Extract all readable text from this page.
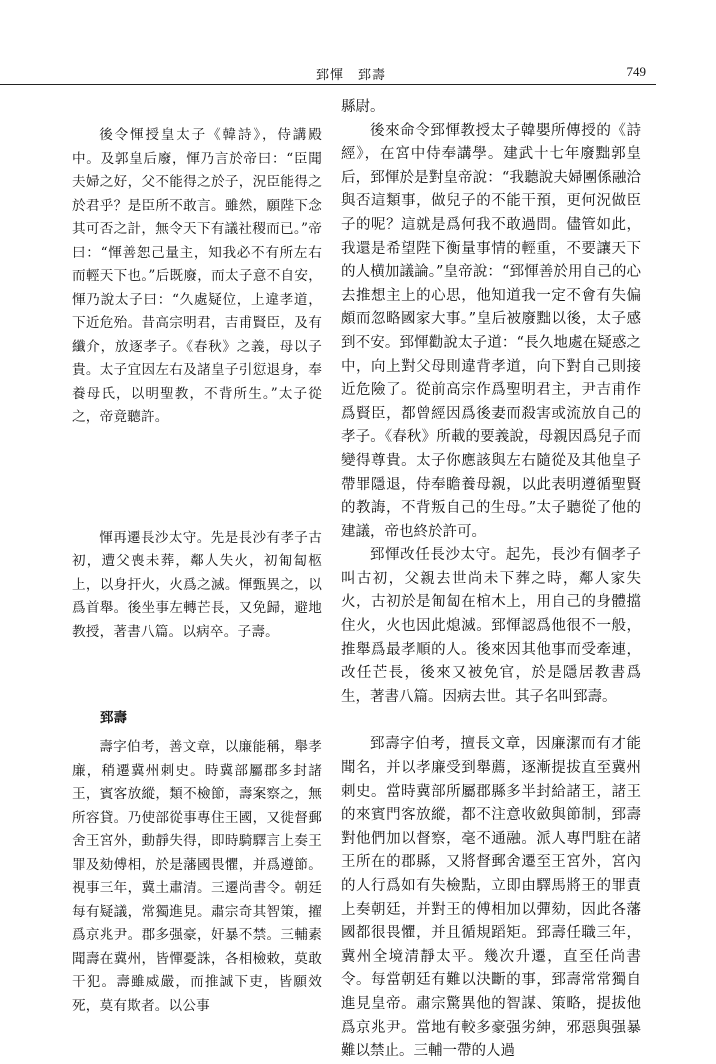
郅惲　郅壽	749

後令惲授皇太子《韓詩》，侍講殿中。及郭皇后廢，惲乃言於帝曰：“臣聞夫婦之好，父不能得之於子，況臣能得之於君乎？是臣所不敢言。雖然，願陛下念其可否之計，無令天下有議社稷而已。”帝曰：“惲善恕己量主，知我必不有所左右而輕天下也。”后既廢，而太子意不自安，惲乃說太子曰：“久處疑位，上違孝道，下近危殆。昔高宗明君，吉甫賢臣，及有纖介，放逐孝子。《春秋》之義，母以子貴。太子宜因左右及諸皇子引愆退身，奉養母氏，以明聖教，不背所生。”太子從之，帝竟聽許。

惲再遷長沙太守。先是長沙有孝子古初，遭父喪未葬，鄰人失火，初匍匐柩上，以身扞火，火爲之滅。惲甄異之，以爲首舉。後坐事左轉芒長，又免歸，避地教授，著書八篇。以病卒。子壽。

郅壽

壽字伯考，善文章，以廉能稱，舉孝廉，稍遷冀州刺史。時冀部屬郡多封諸王，賓客放縱，類不檢節，壽案察之，無所容貸。乃使部從事專住王國，又徙督郵舍王宮外，動靜失得，即時騎驛言上奏王罪及劾傅相，於是藩國畏懼，并爲遵節。視事三年，冀土肅清。三遷尚書令。朝廷每有疑議，常獨進見。肅宗奇其智策，擢爲京兆尹。郡多强豪，奸暴不禁。三輔素聞壽在冀州，皆憚憂誅，各相檢敕，莫敢干犯。壽雖威嚴，而推誠下吏，皆願效死，莫有欺者。以公事

縣尉。

後來命令郅惲教授太子韓嬰所傳授的《詩經》，在宮中侍奉講學。建武十七年廢黜郭皇后，郅惲於是對皇帝說：“我聽說夫婦團係融洽與否這類事，做兒子的不能干預，更何況做臣子的呢？這就是爲何我不敢過問。儘管如此，我還是希望陛下衡量事情的輕重，不要讓天下的人横加議論。”皇帝說：“郅惲善於用自己的心去推想主上的心思，他知道我一定不會有失偏頗而忽略國家大事。”皇后被廢黜以後，太子感到不安。郅惲勸說太子道：“長久地處在疑惑之中，向上對父母則違背孝道，向下對自己則接近危險了。從前高宗作爲聖明君主，尹吉甫作爲賢臣，都曾經因爲後妻而殺害或流放自己的孝子。《春秋》所載的要義說，母親因爲兒子而變得尊貴。太子你應該與左右隨從及其他皇子帶罪隱退，侍奉瞻養母親，以此表明遵循聖賢的教誨，不背叛自己的生母。”太子聽從了他的建議，帝也終於許可。

郅惲改任長沙太守。起先，長沙有個孝子叫古初，父親去世尚未下葬之時，鄰人家失火，古初於是匍匐在棺木上，用自己的身體擋住火，火也因此熄滅。郅惲認爲他很不一般，推舉爲最孝順的人。後來因其他事而受牽連，改任芒長，後來又被免官，於是隱居教書爲生，著書八篇。因病去世。其子名叫郅壽。

郅壽字伯考，擅長文章，因廉潔而有才能聞名，并以孝廉受到舉薦，逐漸提拔直至冀州刺史。當時冀部所屬郡縣多半封給諸王，諸王的來賓門客放縱，都不注意收斂與節制，郅壽對他們加以督察，毫不通融。派人專門駐在諸王所在的郡縣，又將督郵舍遷至王宮外，宮內的人行爲如有失檢點，立即由驛馬將王的罪責上奏朝廷，并對王的傅相加以彈劾，因此各藩國都很畏懼，并且循規蹈矩。郅壽任職三年，冀州全境清靜太平。幾次升遷，直至任尚書令。每當朝廷有難以決斷的事，郅壽常常獨自進見皇帝。肅宗驚異他的智謀、策略，提拔他爲京兆尹。當地有較多豪强劣紳，邪惡與强暴難以禁止。三輔一帶的人過
